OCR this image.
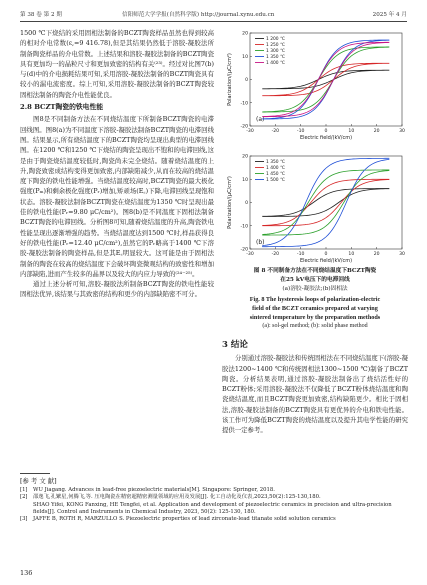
第 38 卷 第 2 期	信阳师范大学学报(自然科学版) http://journal.xynu.edu.cn	2025 年 4 月

1500 ℃下烧结的采用固相法制备的BCZT陶瓷样品虽然也得到较高的相对介电常数(ε,=9 416.78),但是其结果仍然低于溶胶-凝胶法所制备陶瓷样品的介电常数。上述结果和溶胶-凝胶法制备的BCZT陶瓷具有更加均一的晶粒尺寸和更加致密的结构有关⁽²³⁾。经过对比图7(b)与(d)中的介电损耗结果可知,采用溶胶-凝胶法制备的BCZT陶瓷具有较小的漏电流密度。综上可知,采用溶胶-凝胶法制备的BCZT陶瓷较固相法制备的陶瓷介电性能优良。

2.8 BCZT陶瓷的铁电性能

图8是不同制备方法在不同烧结温度下所制备BCZT陶瓷的电滞回线图。图8(a)为不同温度下溶胶-凝胶法制备BCZT陶瓷的电滞回线图。结果显示,所有烧结温度下的BCZT陶瓷均呈现出典型的电滞回线图。在1200 ℃和1250 ℃下烧结的陶瓷呈现出不饱和的电滞回线,这是由于陶瓷烧结温度较低时,陶瓷尚未完全烧结。随着烧结温度的上升,陶瓷致密成结构变得更加致密,内部缺陷减少,从而在较高的烧结温度下陶瓷的铁电性能增强。当烧结温度较高时,BCZT陶瓷的最大极化强度(Pₘ)和剩余极化强度(Pᵣ)增加,矫顽场(E꜀)下降,电滞回线呈现饱和状态。溶胶-凝胶法制备BCZT陶瓷在烧结温度为1350 ℃时呈现出最佳的铁电性能(Pᵣ=9.80 μC/cm²)。图8(b)是不同温度下固相法制备BCZT陶瓷的电滞回线。分析图8可知,随着烧结温度的升高,陶瓷铁电性能呈现出逐渐增强的趋势。当烧结温度达到1500 ℃时,样品获得良好的铁电性能(Pᵣ=12.40 μC/cm²),虽然它的Pᵣ略高于1400 ℃下溶胶-凝胶法制备的陶瓷样品,但是其E꜀明显较大。这可能是由于固相法制备的陶瓷在较高的烧结温度下会破坏陶瓷微观结构的致密性和增加内部缺陷,进而产生较多的晶界以及较大的内应力导致的⁽²⁴⁻²⁵⁾。

通过上述分析可知,溶胶-凝胶法所制备BCZT陶瓷的铁电性能较固相法优异,该结果与其致密的结构和更少的内部缺陷密不可分。

-30	-20	-10	0	10	20	30
-20
-10
0
10
20
Electric field/(kV/cm)
Polarization/(μC/cm²)
(a)
1 200 ℃
1 250 ℃
1 300 ℃
1 350 ℃
1 400 ℃
-30	-20	-10	0	10	20	30
-20
-10
0
10
20
Electric field/(kV/cm)
Polarization/(μC/cm²)
(b)
1 350 ℃
1 400 ℃
1 450 ℃
1 500 ℃
图 8 不同制备方法在不同烧结温度下BCZT陶瓷
在25 kV电压下的电滞回线
(a)溶胶-凝胶法;(b)固相法
Fig. 8 The hysteresis loops of polarization-electric
field of the BCZT ceramics prepared at varying
sintered temperature by the preparation methods
(a): sol-gel method; (b): solid phase method
3 结论

分别通过溶胶-凝胶法和传统固相法在不同烧结温度下(溶胶-凝胶法1200~1400 ℃和传统固相法1300~1500 ℃)制备了BCZT陶瓷。分析结果表明,通过溶胶-凝胶法制备出了烧结活性好的BCZT粉体;采用溶胶-凝胶法不仅降低了BCZT粉体烧结温度和陶瓷烧结温度,而且BCZT陶瓷更加致密,结构缺陷更少。相比于固相法,溶胶-凝胶法制备的BCZT陶瓷具有更优异的介电和铁电性能。该工作可为降低BCZT陶瓷的烧结温度以及提升其电学性能的研究提供一定参考。

[参 考 文 献]
[1]	WU Jiagang. Advances in lead-free piezoelectric materials[M]. Singapore: Springer, 2018.
[2]	邵逸飞,孔繁星,何腾飞,等. 压电陶瓷在精密超精密测量领域的应用及发展[J]. 化工自动化及仪表,2023,50(2):125-130,180.
SHAO Yifei, KONG Fanxing, HE Tengfei, et al. Application and development of piezoelectric ceramics in precision and ultra-precision fields[J]. Control and Instruments in Chemical Industry, 2023, 50(2): 125-130, 180.
[3]	JAFFE B, ROTH R, MARZULLO S. Piezoelectric properties of lead zirconate-lead titanate solid solution ceramics
136
